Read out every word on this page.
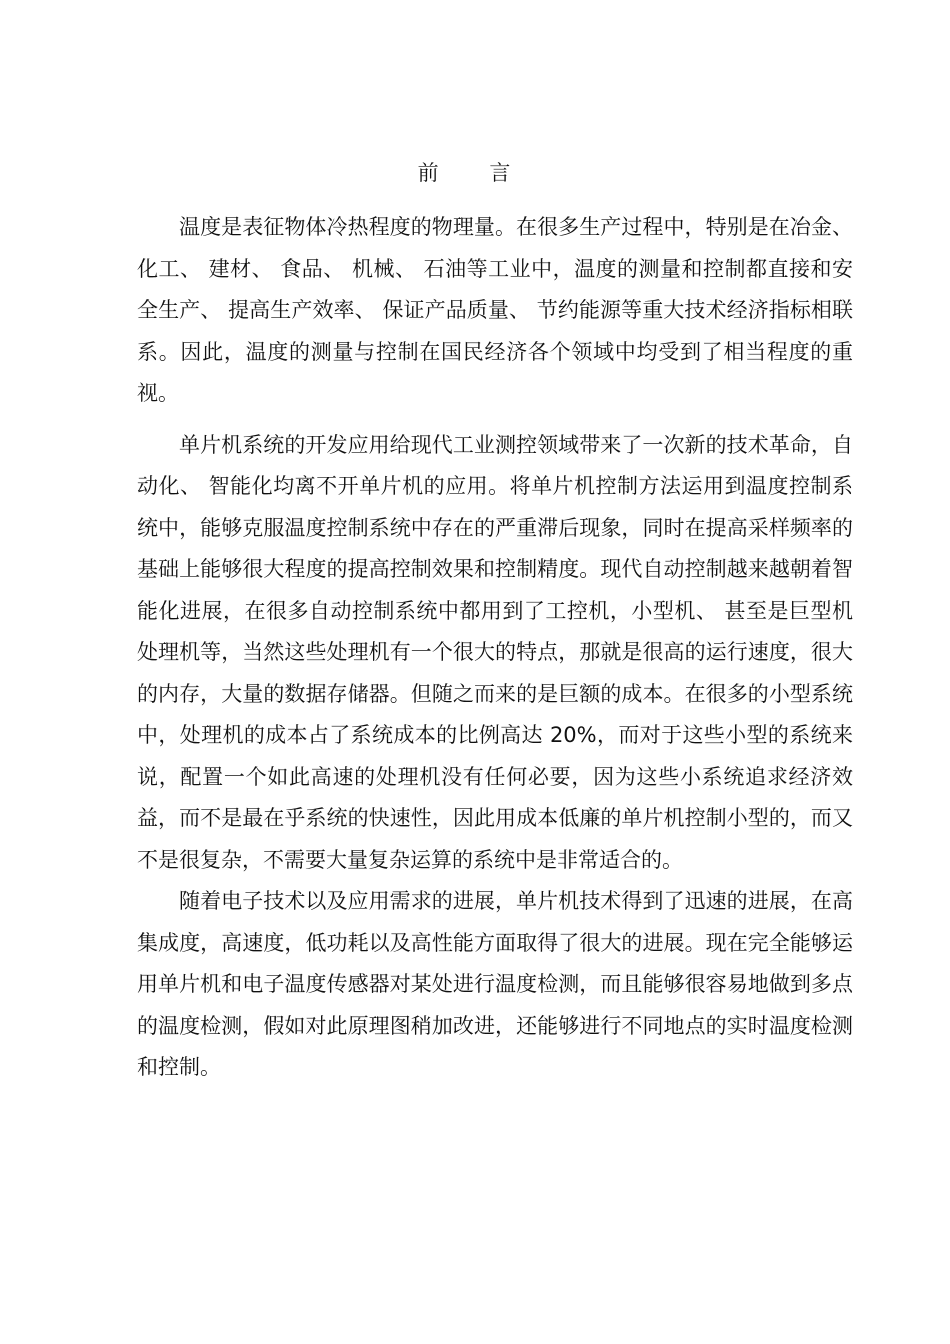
前 言

温度是表征物体冷热程度的物理量。在很多生产过程中，特别是在冶金、 化工、 建材、 食品、 机械、 石油等工业中，温度的测量和控制都直接和安全生产、 提高生产效率、 保证产品质量、 节约能源等重大技术经济指标相联系。因此，温度的测量与控制在国民经济各个领域中均受到了相当程度的重视。

单片机系统的开发应用给现代工业测控领域带来了一次新的技术革命，自动化、 智能化均离不开单片机的应用。将单片机控制方法运用到温度控制系统中，能够克服温度控制系统中存在的严重滞后现象，同时在提高采样频率的基础上能够很大程度的提高控制效果和控制精度。现代自动控制越来越朝着智能化进展，在很多自动控制系统中都用到了工控机，小型机、 甚至是巨型机处理机等，当然这些处理机有一个很大的特点，那就是很高的运行速度，很大的内存，大量的数据存储器。但随之而来的是巨额的成本。在很多的小型系统中，处理机的成本占了系统成本的比例高达 20%，而对于这些小型的系统来说，配置一个如此高速的处理机没有任何必要，因为这些小系统追求经济效益，而不是最在乎系统的快速性，因此用成本低廉的单片机控制小型的，而又不是很复杂，不需要大量复杂运算的系统中是非常适合的。

随着电子技术以及应用需求的进展，单片机技术得到了迅速的进展，在高集成度，高速度，低功耗以及高性能方面取得了很大的进展。现在完全能够运用单片机和电子温度传感器对某处进行温度检测，而且能够很容易地做到多点的温度检测，假如对此原理图稍加改进，还能够进行不同地点的实时温度检测和控制。
